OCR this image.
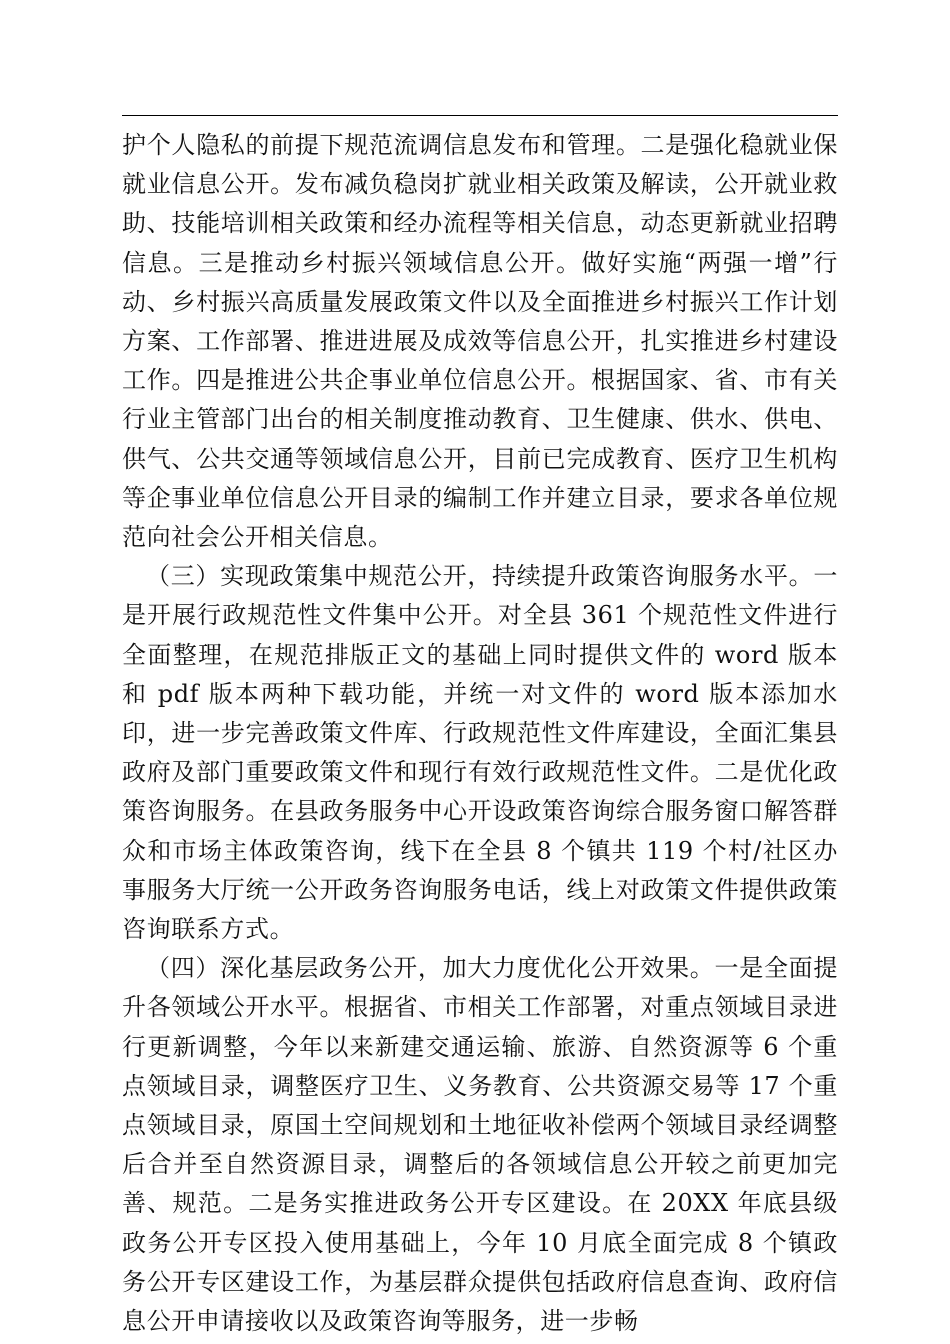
护个人隐私的前提下规范流调信息发布和管理。二是强化稳就业保就业信息公开。发布减负稳岗扩就业相关政策及解读，公开就业救助、技能培训相关政策和经办流程等相关信息，动态更新就业招聘信息。三是推动乡村振兴领域信息公开。做好实施“两强一增”行动、乡村振兴高质量发展政策文件以及全面推进乡村振兴工作计划方案、工作部署、推进进展及成效等信息公开，扎实推进乡村建设工作。四是推进公共企事业单位信息公开。根据国家、省、市有关行业主管部门出台的相关制度推动教育、卫生健康、供水、供电、供气、公共交通等领域信息公开，目前已完成教育、医疗卫生机构等企事业单位信息公开目录的编制工作并建立目录，要求各单位规范向社会公开相关信息。

（三）实现政策集中规范公开，持续提升政策咨询服务水平。一是开展行政规范性文件集中公开。对全县 361 个规范性文件进行全面整理，在规范排版正文的基础上同时提供文件的 word 版本和 pdf 版本两种下载功能，并统一对文件的 word 版本添加水印，进一步完善政策文件库、行政规范性文件库建设，全面汇集县政府及部门重要政策文件和现行有效行政规范性文件。二是优化政策咨询服务。在县政务服务中心开设政策咨询综合服务窗口解答群众和市场主体政策咨询，线下在全县 8 个镇共 119 个村/社区办事服务大厅统一公开政务咨询服务电话，线上对政策文件提供政策咨询联系方式。

（四）深化基层政务公开，加大力度优化公开效果。一是全面提升各领域公开水平。根据省、市相关工作部署，对重点领域目录进行更新调整，今年以来新建交通运输、旅游、自然资源等 6 个重点领域目录，调整医疗卫生、义务教育、公共资源交易等 17 个重点领域目录，原国土空间规划和土地征收补偿两个领域目录经调整后合并至自然资源目录，调整后的各领域信息公开较之前更加完善、规范。二是务实推进政务公开专区建设。在 20XX 年底县级政务公开专区投入使用基础上，今年 10 月底全面完成 8 个镇政务公开专区建设工作，为基层群众提供包括政府信息查询、政府信息公开申请接收以及政策咨询等服务，进一步畅
